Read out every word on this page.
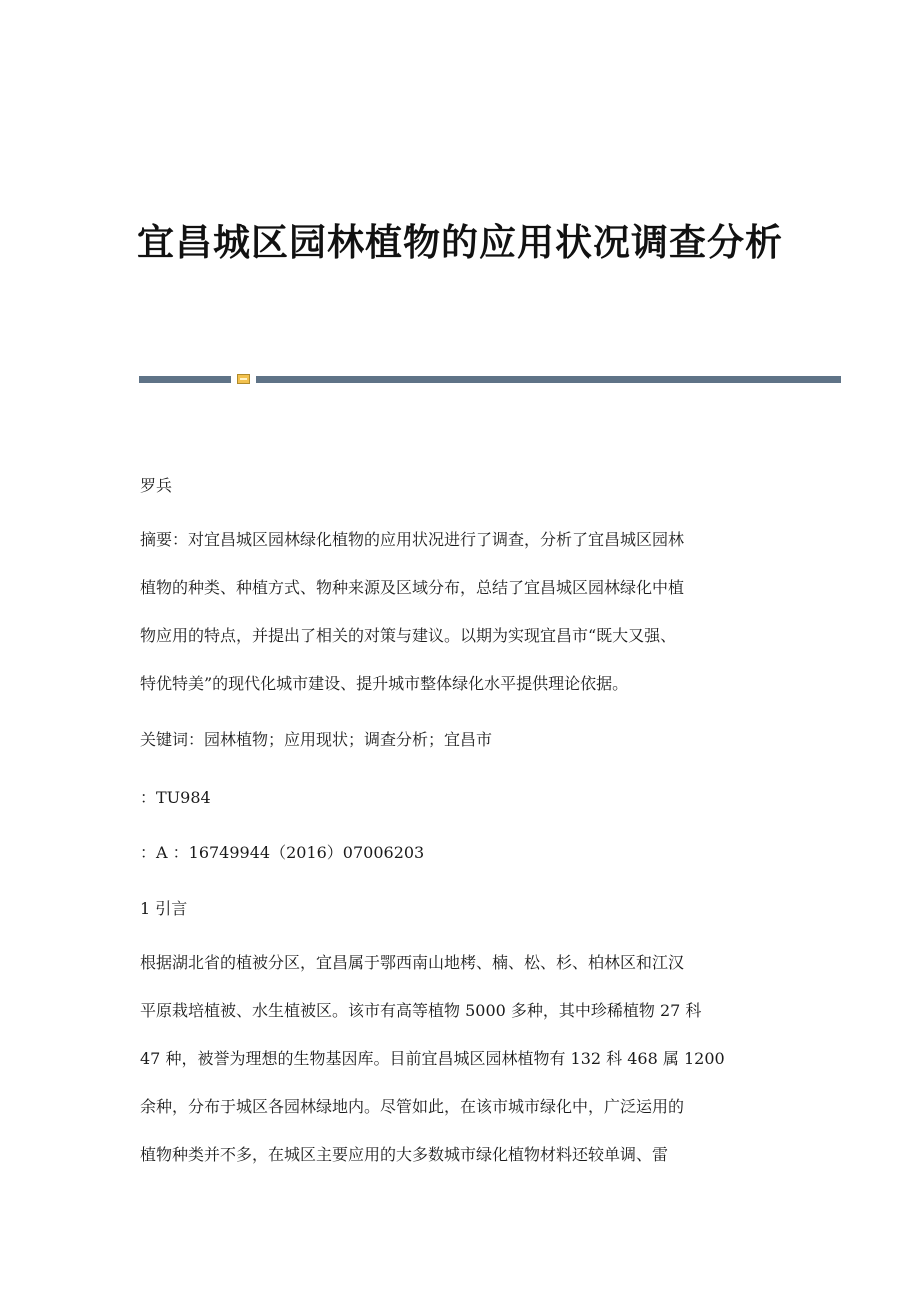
宜昌城区园林植物的应用状况调查分析
罗兵
摘要：对宜昌城区园林绿化植物的应用状况进行了调查，分析了宜昌城区园林
植物的种类、种植方式、物种来源及区域分布，总结了宜昌城区园林绿化中植
物应用的特点，并提出了相关的对策与建议。以期为实现宜昌市“既大又强、
特优特美”的现代化城市建设、提升城市整体绿化水平提供理论依据。
关键词：园林植物；应用现状；调查分析；宜昌市
：TU984
：A ：16749944（2016）07006203
1 引言
根据湖北省的植被分区，宜昌属于鄂西南山地栲、楠、松、杉、柏林区和江汉
平原栽培植被、水生植被区。该市有高等植物 5000 多种，其中珍稀植物 27 科
47 种，被誉为理想的生物基因库。目前宜昌城区园林植物有 132 科 468 属 1200
余种，分布于城区各园林绿地内。尽管如此，在该市城市绿化中，广泛运用的
植物种类并不多，在城区主要应用的大多数城市绿化植物材料还较单调、雷
